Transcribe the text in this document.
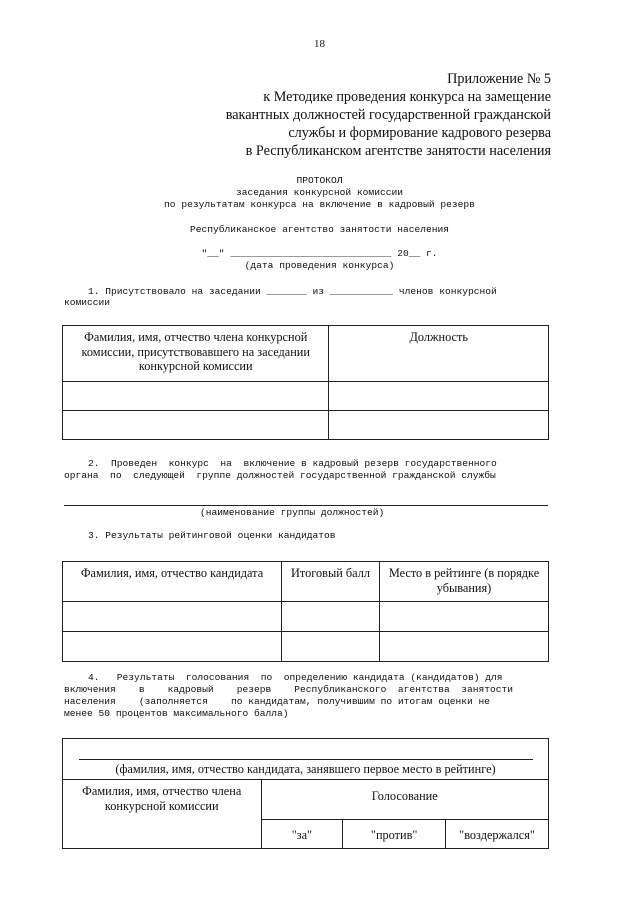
18
Приложение № 5
к Методике проведения конкурса на замещение
вакантных должностей государственной гражданской
службы и формирование кадрового резерва
в Республиканском агентстве занятости населения
ПРОТОКОЛ
заседания конкурсной комиссии
по результатам конкурса на включение в кадровый резерв
Республиканское агентство занятости населения
"__" ____________________________ 20__ г.
(дата проведения конкурса)
1. Присутствовало на заседании _______ из ___________ членов конкурсной
комиссии
Фамилия, имя, отчество члена конкурсной комиссии, присутствовавшего на заседании конкурсной комиссии	Должность

2.  Проведен  конкурс  на  включение в кадровый резерв государственного
органа  по  следующей  группе должностей государственной гражданской службы
(наименование группы должностей)
3. Результаты рейтинговой оценки кандидатов
Фамилия, имя, отчество кандидата	Итоговый балл	Место в рейтинге (в порядке убывания)

4.   Результаты  голосования  по  определению кандидата (кандидатов) для
включения    в    кадровый    резерв    Республиканского  агентства  занятости
населения    (заполняется    по кандидатам, получившим по итогам оценки не
менее 50 процентов максимального балла)
(фамилия, имя, отчество кандидата, занявшего первое место в рейтинге)			

Фамилия, имя, отчество члена конкурсной комиссии	Голосование		
	"за"	"против"	"воздержался"
